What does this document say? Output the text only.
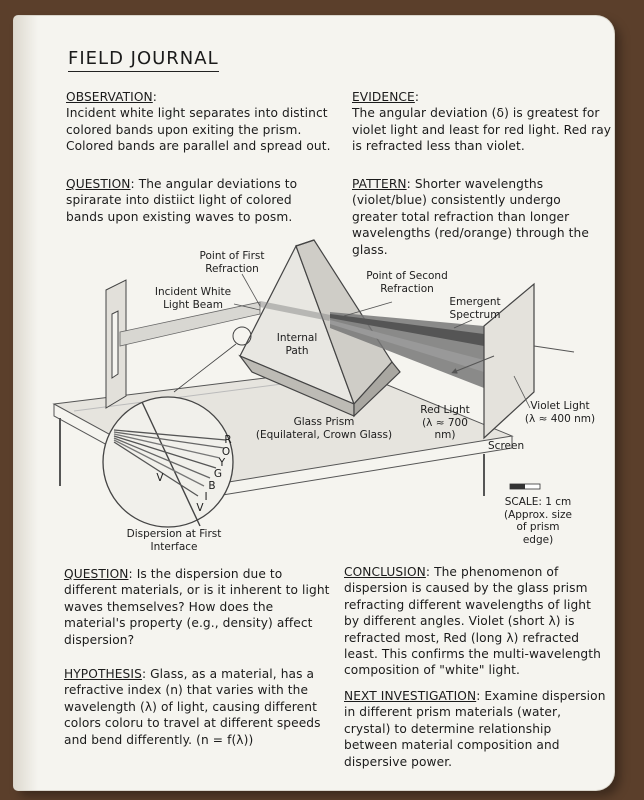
FIELD JOURNAL
OBSERVATION:
Incident white light separates into distinct colored bands upon exiting the prism. Colored bands are parallel and spread out.
QUESTION: The angular deviations to spirarate into distiict light of colored bands upon existing waves to posm.
EVIDENCE:
The angular deviation (δ) is greatest for violet light and least for red light. Red ray is refracted less than violet.
PATTERN: Shorter wavelengths (violet/blue) consistently undergo greater total refraction than longer wavelengths (red/orange) through the glass.
Point of First Refraction
Incident White Light Beam
Point of Second Refraction
Emergent Spectrum
Internal Path
Glass Prism
(Equilateral, Crown Glass)
Red Light
(λ ≈ 700 nm)
Violet Light
(λ ≈ 400 nm)
Screen
SCALE: 1 cm
(Approx. size of prism edge)
Dispersion at First Interface
V
R
O
Y
G
B
I
V
QUESTION: Is the dispersion due to different materials, or is it inherent to light waves themselves? How does the material's property (e.g., density) affect dispersion?
HYPOTHESIS: Glass, as a material, has a refractive index (n) that varies with the wavelength (λ) of light, causing different colors coloru to travel at different speeds and bend differently. (n = f(λ))
CONCLUSION: The phenomenon of dispersion is caused by the glass prism refracting different wavelengths of light by different angles. Violet (short λ) is refracted most, Red (long λ) refracted least. This confirms the multi-wavelength composition of "white" light.
NEXT INVESTIGATION: Examine dispersion in different prism materials (water, crystal) to determine relationship between material composition and dispersive power.
